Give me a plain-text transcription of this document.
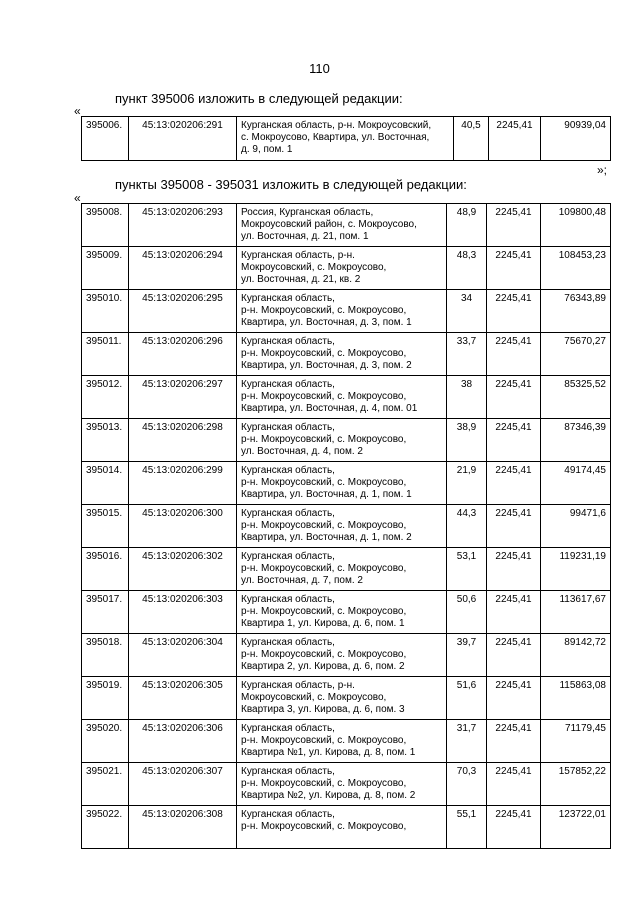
110
пункт 395006 изложить в следующей редакции:
«
395006.	45:13:020206:291	Курганская область, р-н. Мокроусовский,
с. Мокроусово, Квартира, ул. Восточная,
д. 9, пом. 1
	40,5	2245,41	90939,04
»;
пункты 395008 - 395031 изложить в следующей редакции:
«
395008.	45:13:020206:293	Россия, Курганская область,
Мокроусовский район, с. Мокроусово,
ул. Восточная, д. 21, пом. 1	48,9	2245,41	109800,48
395009.	45:13:020206:294	Курганская область, р-н.
Мокроусовский, с. Мокроусово,
ул. Восточная, д. 21, кв. 2	48,3	2245,41	108453,23
395010.	45:13:020206:295	Курганская область,
р-н. Мокроусовский, с. Мокроусово,
Квартира, ул. Восточная, д. 3, пом. 1	34	2245,41	76343,89
395011.	45:13:020206:296	Курганская область,
р-н. Мокроусовский, с. Мокроусово,
Квартира, ул. Восточная, д. 3, пом. 2	33,7	2245,41	75670,27
395012.	45:13:020206:297	Курганская область,
р-н. Мокроусовский, с. Мокроусово,
Квартира, ул. Восточная, д. 4, пом. 01	38	2245,41	85325,52
395013.	45:13:020206:298	Курганская область,
р-н. Мокроусовский, с. Мокроусово,
ул. Восточная, д. 4, пом. 2	38,9	2245,41	87346,39
395014.	45:13:020206:299	Курганская область,
р-н. Мокроусовский, с. Мокроусово,
Квартира, ул. Восточная, д. 1, пом. 1	21,9	2245,41	49174,45
395015.	45:13:020206:300	Курганская область,
р-н. Мокроусовский, с. Мокроусово,
Квартира, ул. Восточная, д. 1, пом. 2	44,3	2245,41	99471,6
395016.	45:13:020206:302	Курганская область,
р-н. Мокроусовский, с. Мокроусово,
ул. Восточная, д. 7, пом. 2	53,1	2245,41	119231,19
395017.	45:13:020206:303	Курганская область,
р-н. Мокроусовский, с. Мокроусово,
Квартира 1, ул. Кирова, д. 6, пом. 1	50,6	2245,41	113617,67
395018.	45:13:020206:304	Курганская область,
р-н. Мокроусовский, с. Мокроусово,
Квартира 2, ул. Кирова, д. 6, пом. 2	39,7	2245,41	89142,72
395019.	45:13:020206:305	Курганская область, р-н.
Мокроусовский, с. Мокроусово,
Квартира 3, ул. Кирова, д. 6, пом. 3	51,6	2245,41	115863,08
395020.	45:13:020206:306	Курганская область,
р-н. Мокроусовский, с. Мокроусово,
Квартира №1, ул. Кирова, д. 8, пом. 1	31,7	2245,41	71179,45
395021.	45:13:020206:307	Курганская область,
р-н. Мокроусовский, с. Мокроусово,
Квартира №2, ул. Кирова, д. 8, пом. 2	70,3	2245,41	157852,22
395022.	45:13:020206:308	Курганская область,
р-н. Мокроусовский, с. Мокроусово,	55,1	2245,41	123722,01
